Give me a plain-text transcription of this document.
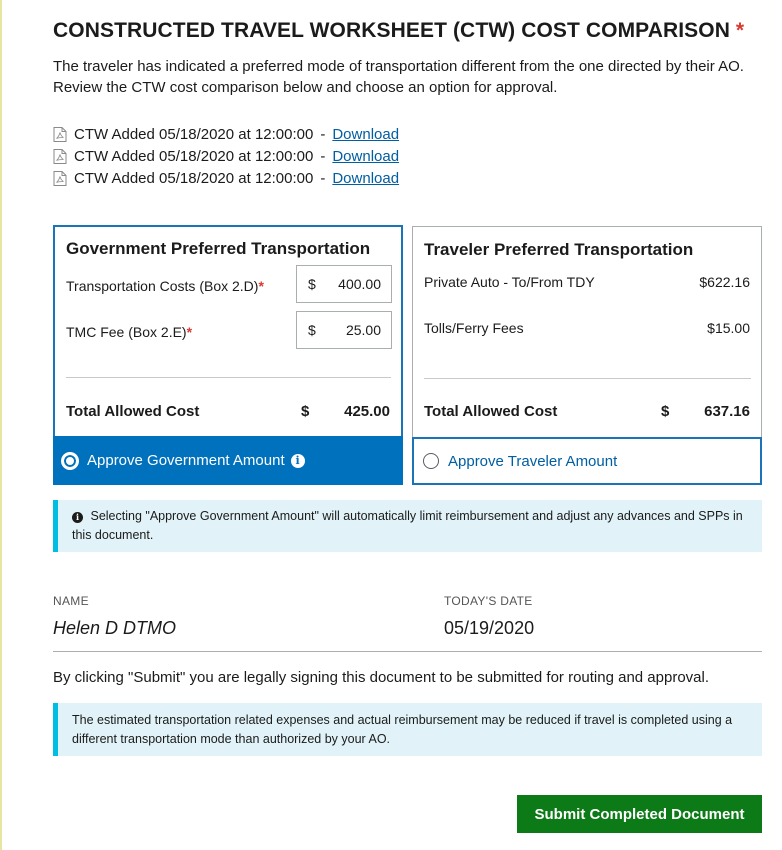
CONSTRUCTED TRAVEL WORKSHEET (CTW) COST COMPARISON *

The traveler has indicated a preferred mode of transportation different from the one directed by their AO. Review the CTW cost comparison below and choose an option for approval.

CTW Added 05/18/2020 at 12:00:00 - Download
CTW Added 05/18/2020 at 12:00:00 - Download
CTW Added 05/18/2020 at 12:00:00 - Download
Government Preferred Transportation
Transportation Costs (Box 2.D)*	$ 400.00
TMC Fee (Box 2.E)*	$ 25.00
Total Allowed Cost	$ 425.00
Approve Government Amount i
Traveler Preferred Transportation
Private Auto - To/From TDY	$622.16
Tolls/Ferry Fees	$15.00
Total Allowed Cost	$ 637.16
Approve Traveler Amount
i Selecting "Approve Government Amount" will automatically limit reimbursement and adjust any advances and SPPs in this document.
NAME	TODAY'S DATE
Helen D DTMO	05/19/2020
By clicking "Submit" you are legally signing this document to be submitted for routing and approval.
The estimated transportation related expenses and actual reimbursement may be reduced if travel is completed using a different transportation mode than authorized by your AO.
Submit Completed Document
